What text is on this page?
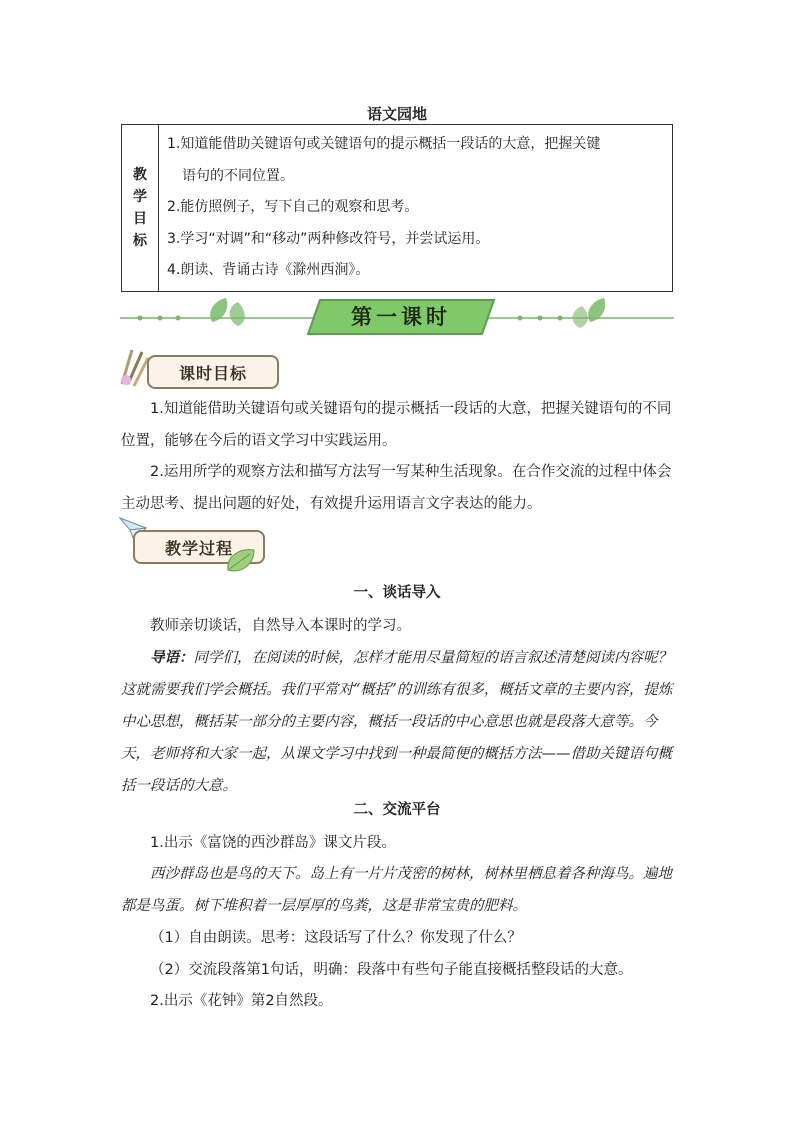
语文园地
教
学
目
标

1.知道能借助关键语句或关键语句的提示概括一段话的大意，把握关键
语句的不同位置。
2.能仿照例子，写下自己的观察和思考。
3.学习“对调”和“移动”两种修改符号，并尝试运用。
4.朗读、背诵古诗《滁州西涧》。
第一课时
课时目标
1.知道能借助关键语句或关键语句的提示概括一段话的大意，把握关键语句的不同位置，能够在今后的语文学习中实践运用。
2.运用所学的观察方法和描写方法写一写某种生活现象。在合作交流的过程中体会主动思考、提出问题的好处，有效提升运用语言文字表达的能力。
教学过程
一、谈话导入
教师亲切谈话，自然导入本课时的学习。
导语：同学们，在阅读的时候，怎样才能用尽量简短的语言叙述清楚阅读内容呢？这就需要我们学会概括。我们平常对“概括”的训练有很多，概括文章的主要内容，提炼中心思想，概括某一部分的主要内容，概括一段话的中心意思也就是段落大意等。今天，老师将和大家一起，从课文学习中找到一种最简便的概括方法——借助关键语句概括一段话的大意。
二、交流平台
1.出示《富饶的西沙群岛》课文片段。
西沙群岛也是鸟的天下。岛上有一片片茂密的树林，树林里栖息着各种海鸟。遍地都是鸟蛋。树下堆积着一层厚厚的鸟粪，这是非常宝贵的肥料。
（1）自由朗读。思考：这段话写了什么？你发现了什么？
（2）交流段落第1句话，明确：段落中有些句子能直接概括整段话的大意。
2.出示《花钟》第2自然段。
